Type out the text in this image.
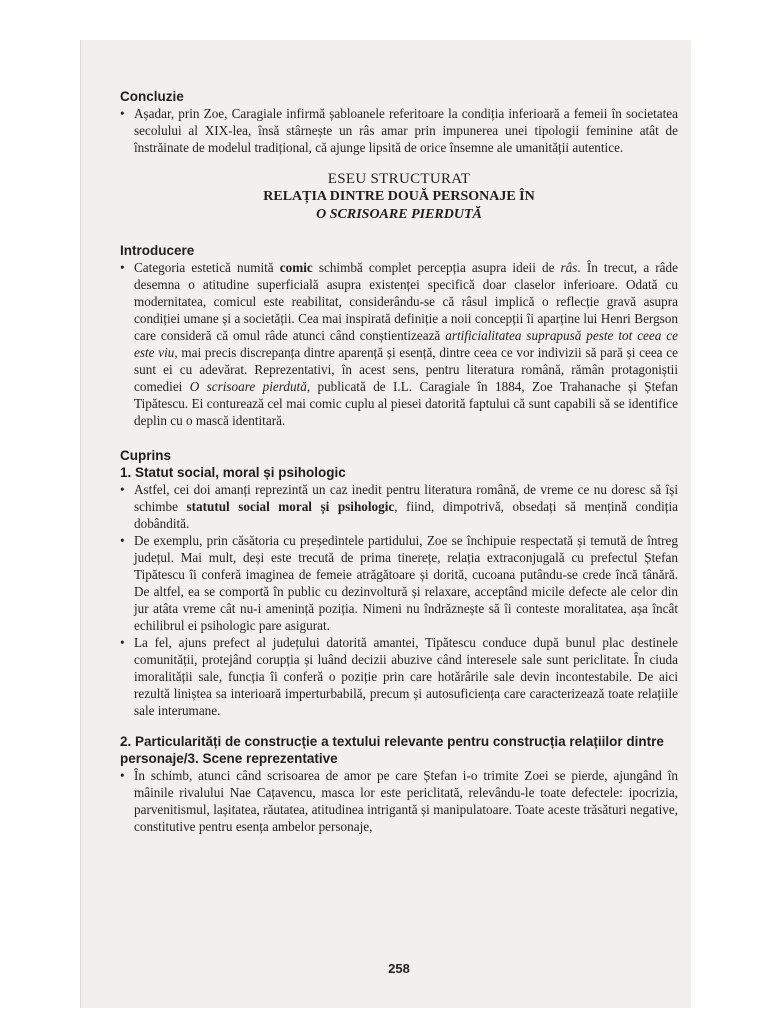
Concluzie

• Așadar, prin Zoe, Caragiale infirmă șabloanele referitoare la condiția inferioară a femeii în societatea secolului al XIX-lea, însă stârnește un râs amar prin impunerea unei tipologii feminine atât de înstrăinate de modelul tradițional, că ajunge lipsită de orice însemne ale umanității autentice.
ESEU STRUCTURAT
RELAȚIA DINTRE DOUĂ PERSONAJE ÎN
O SCRISOARE PIERDUTĂ

Introducere

• Categoria estetică numită comic schimbă complet percepția asupra ideii de râs. În trecut, a râde desemna o atitudine superficială asupra existenței specifică doar claselor inferioare. Odată cu modernitatea, comicul este reabilitat, considerându-se că râsul implică o reflecție gravă asupra condiției umane și a societății. Cea mai inspirată definiție a noii concepții îi aparține lui Henri Bergson care consideră că omul râde atunci când conștientizează artificialitatea suprapusă peste tot ceea ce este viu, mai precis discrepanța dintre aparență și esență, dintre ceea ce vor indivizii să pară și ceea ce sunt ei cu adevărat. Reprezentativi, în acest sens, pentru literatura română, rămân protagoniștii comediei O scrisoare pierdută, publicată de I.L. Caragiale în 1884, Zoe Trahanache și Ștefan Tipătescu. Ei conturează cel mai comic cuplu al piesei datorită faptului că sunt capabili să se identifice deplin cu o mască identitară.

Cuprins

1. Statut social, moral și psihologic

• Astfel, cei doi amanți reprezintă un caz inedit pentru literatura română, de vreme ce nu doresc să își schimbe statutul social moral și psihologic, fiind, dimpotrivă, obsedați să mențină condiția dobândită.
• De exemplu, prin căsătoria cu președintele partidului, Zoe se închipuie respectată și temută de întreg județul. Mai mult, deși este trecută de prima tinerețe, relația extraconjugală cu prefectul Ștefan Tipătescu îi conferă imaginea de femeie atrăgătoare și dorită, cucoana putându-se crede încă tânără. De altfel, ea se comportă în public cu dezinvoltură și relaxare, acceptând micile defecte ale celor din jur atâta vreme cât nu-i amenință poziția. Nimeni nu îndrăznește să îi conteste moralitatea, așa încât echilibrul ei psihologic pare asigurat.
• La fel, ajuns prefect al județului datorită amantei, Tipătescu conduce după bunul plac destinele comunității, protejând corupția și luând decizii abuzive când interesele sale sunt periclitate. În ciuda imoralității sale, funcția îi conferă o poziție prin care hotărârile sale devin incontestabile. De aici rezultă liniștea sa interioară imperturbabilă, precum și autosuficiența care caracterizează toate relațiile sale interumane.

2. Particularități de construcție a textului relevante pentru construcția relațiilor dintre personaje/3. Scene reprezentative

• În schimb, atunci când scrisoarea de amor pe care Ștefan i-o trimite Zoei se pierde, ajungând în mâinile rivalului Nae Cațavencu, masca lor este periclitată, relevându-le toate defectele: ipocrizia, parvenitismul, lașitatea, răutatea, atitudinea intrigantă și manipulatoare. Toate aceste trăsături negative, constitutive pentru esența ambelor personaje,
258
